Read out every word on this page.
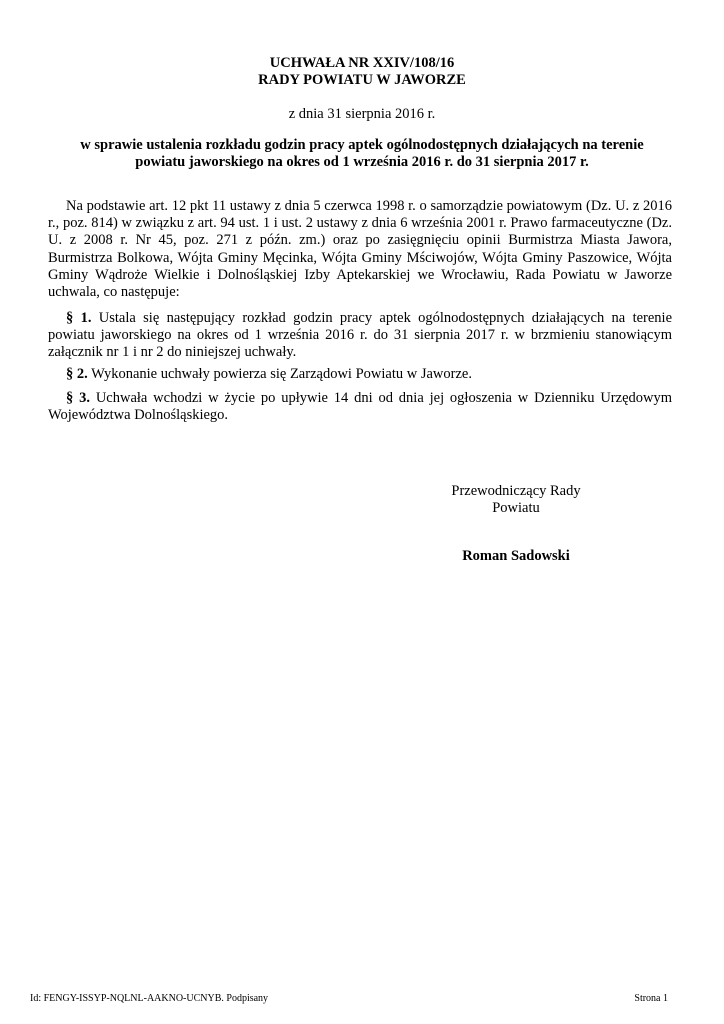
UCHWAŁA NR XXIV/108/16
RADY POWIATU W JAWORZE
z dnia 31 sierpnia 2016 r.
w sprawie ustalenia rozkładu godzin pracy aptek ogólnodostępnych działających na terenie powiatu jaworskiego na okres od 1 września 2016 r. do 31 sierpnia 2017 r.
Na podstawie art. 12 pkt 11 ustawy z dnia 5 czerwca 1998 r. o samorządzie powiatowym (Dz. U. z 2016 r., poz. 814) w związku z art. 94 ust. 1 i ust. 2 ustawy z dnia 6 września 2001 r. Prawo farmaceutyczne (Dz. U. z 2008 r. Nr 45, poz. 271 z późn. zm.) oraz po zasięgnięciu opinii Burmistrza Miasta Jawora, Burmistrza Bolkowa, Wójta Gminy Męcinka, Wójta Gminy Mściwojów, Wójta Gminy Paszowice, Wójta Gminy Wądroże Wielkie i Dolnośląskiej Izby Aptekarskiej we Wrocławiu, Rada Powiatu w Jaworze uchwala, co następuje:
§ 1. Ustala się następujący rozkład godzin pracy aptek ogólnodostępnych działających na terenie powiatu jaworskiego na okres od 1 września 2016 r. do 31 sierpnia 2017 r. w brzmieniu stanowiącym załącznik nr 1 i nr 2 do niniejszej uchwały.
§ 2. Wykonanie uchwały powierza się Zarządowi Powiatu w Jaworze.
§ 3. Uchwała wchodzi w życie po upływie 14 dni od dnia jej ogłoszenia w Dzienniku Urzędowym Województwa Dolnośląskiego.
Przewodniczący Rady
Powiatu
Roman Sadowski
Id: FENGY-ISSYP-NQLNL-AAKNO-UCNYB. Podpisany	Strona 1
